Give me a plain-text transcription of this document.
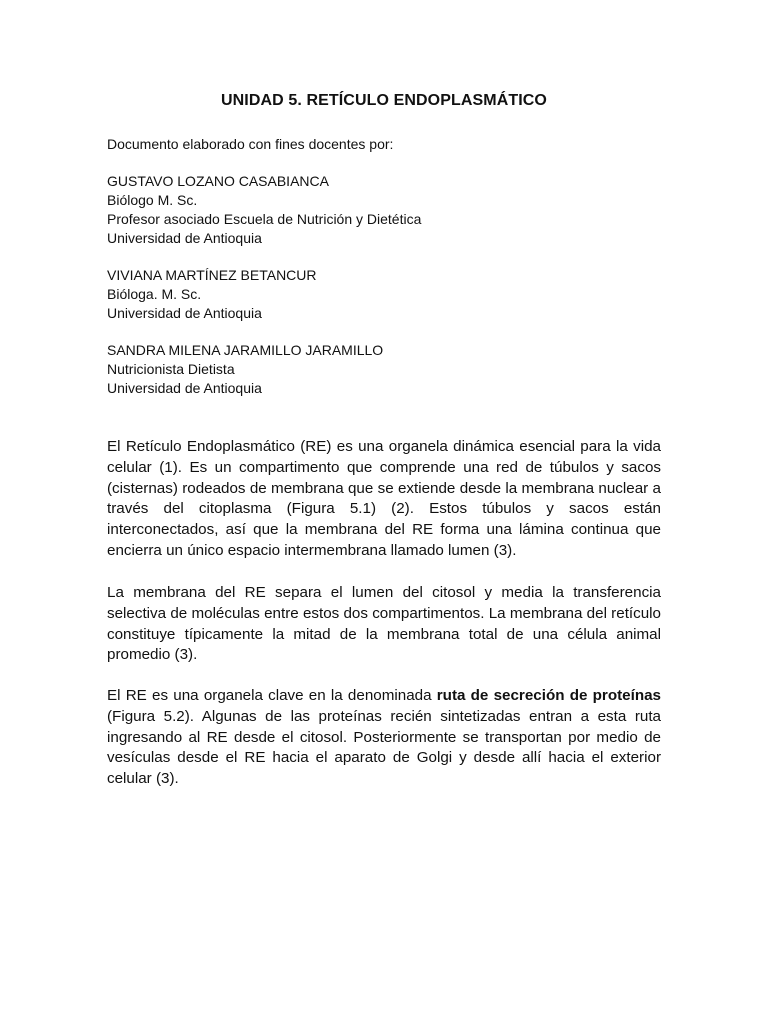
UNIDAD 5. RETÍCULO ENDOPLASMÁTICO
Documento elaborado con fines docentes por:
GUSTAVO LOZANO CASABIANCA
Biólogo M. Sc.
Profesor asociado Escuela de Nutrición y Dietética
Universidad de Antioquia
VIVIANA MARTÍNEZ BETANCUR
Bióloga. M. Sc.
Universidad de Antioquia
SANDRA MILENA JARAMILLO JARAMILLO
Nutricionista Dietista
Universidad de Antioquia

El Retículo Endoplasmático (RE) es una organela dinámica esencial para la vida celular (1). Es un compartimento que comprende una red de túbulos y sacos (cisternas) rodeados de membrana que se extiende desde la membrana nuclear a través del citoplasma (Figura 5.1) (2). Estos túbulos y sacos están interconectados, así que la membrana del RE forma una lámina continua que encierra un único espacio intermembrana llamado lumen (3).

La membrana del RE separa el lumen del citosol y media la transferencia selectiva de moléculas entre estos dos compartimentos. La membrana del retículo constituye típicamente la mitad de la membrana total de una célula animal promedio (3).

El RE es una organela clave en la denominada ruta de secreción de proteínas (Figura 5.2). Algunas de las proteínas recién sintetizadas entran a esta ruta ingresando al RE desde el citosol. Posteriormente se transportan por medio de vesículas desde el RE hacia el aparato de Golgi y desde allí hacia el exterior celular (3).
